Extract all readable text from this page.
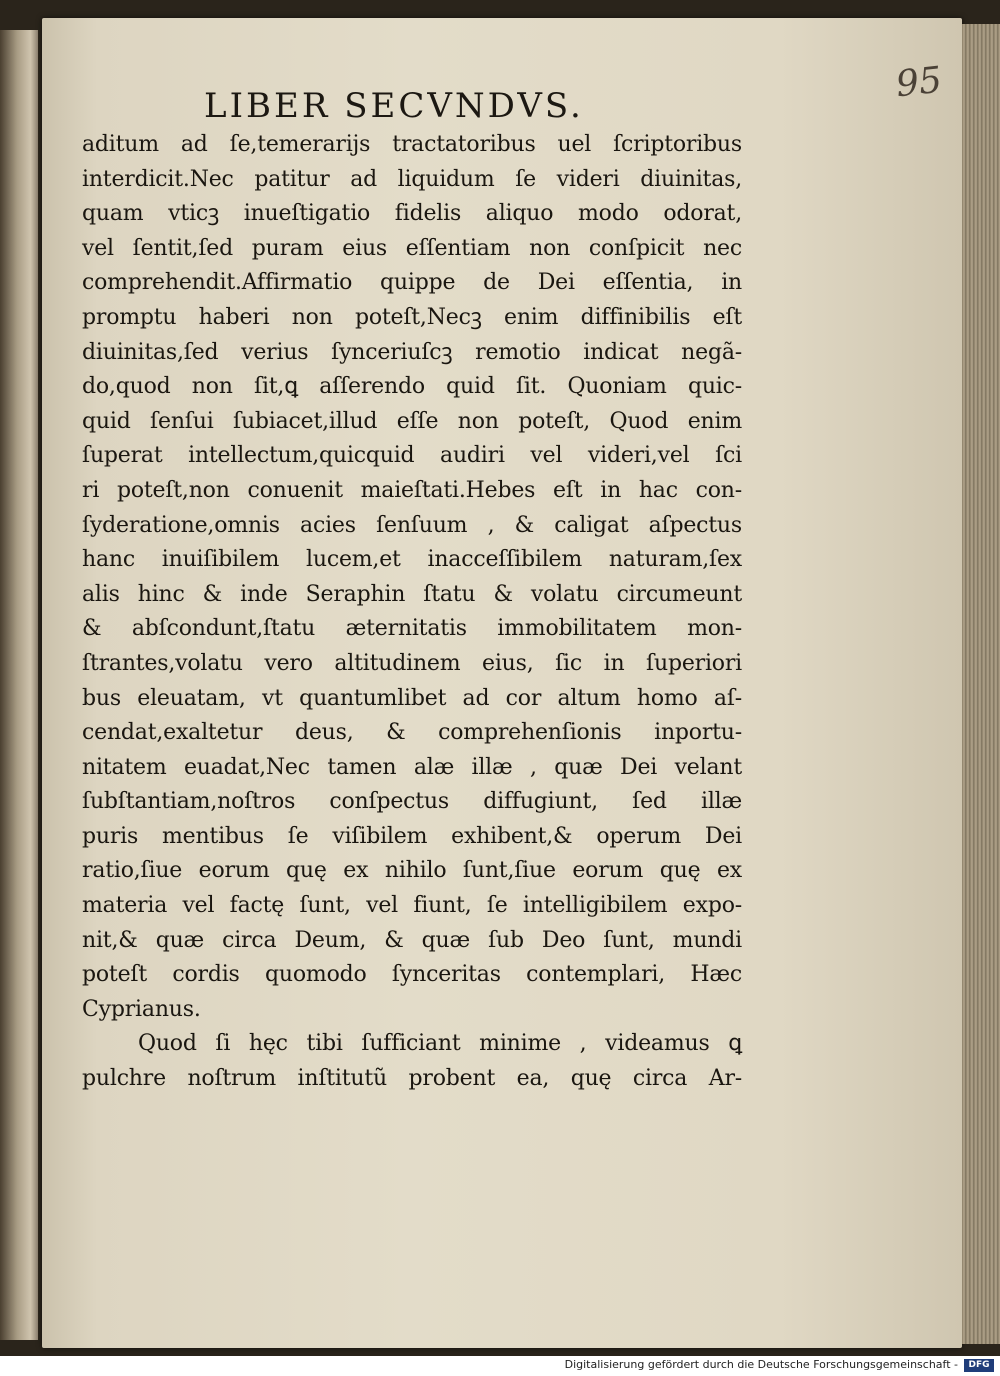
95
LIBER SECVNDVS.
aditum ad ſe,temerarijs tractatoribus uel ſcriptoribus
interdicit.Nec patitur ad liquidum ſe videri diuinitas,
quam vticꝫ inueſtigatio fidelis aliquo modo odorat,
vel ſentit,ſed puram eius eſſentiam non conſpicit nec
comprehendit.Affirmatio quippe de Dei eſſentia, in
promptu haberi non poteſt,Necꝫ enim diffinibilis eſt
diuinitas,ſed verius ſynceriuſcꝫ remotio indicat negã-
do,quod non ſit,ꝗ aſſerendo quid ſit. Quoniam quic-
quid ſenſui ſubiacet,illud eſſe non poteſt, Quod enim
ſuperat intellectum,quicquid audiri vel videri,vel ſci
ri poteſt,non conuenit maieſtati.Hebes eſt in hac con-
ſyderatione,omnis acies ſenſuum , & caligat aſpectus
hanc inuiſibilem lucem,et inacceſſibilem naturam,ſex
alis hinc & inde Seraphin ſtatu & volatu circumeunt
& abſcondunt,ſtatu æternitatis immobilitatem mon-
ſtrantes,volatu vero altitudinem eius, ſic in ſuperiori
bus eleuatam, vt quantumlibet ad cor altum homo aſ-
cendat,exaltetur deus, & comprehenſionis inportu-
nitatem euadat,Nec tamen alæ illæ , quæ Dei velant
ſubſtantiam,noſtros conſpectus diffugiunt, ſed illæ
puris mentibus ſe viſibilem exhibent,& operum Dei
ratio,ſiue eorum quę ex nihilo ſunt,ſiue eorum quę ex
materia vel factę ſunt, vel fiunt, ſe intelligibilem expo-
nit,& quæ circa Deum, & quæ ſub Deo ſunt, mundi
poteſt cordis quomodo ſynceritas contemplari, Hæc
Cyprianus.
Quod ſi hęc tibi ſufficiant minime , videamus ꝗ
pulchre noſtrum inſtitutũ probent ea, quę circa Ar-
Digitalisierung gefördert durch die Deutsche Forschungsgemeinschaft -	DFG
